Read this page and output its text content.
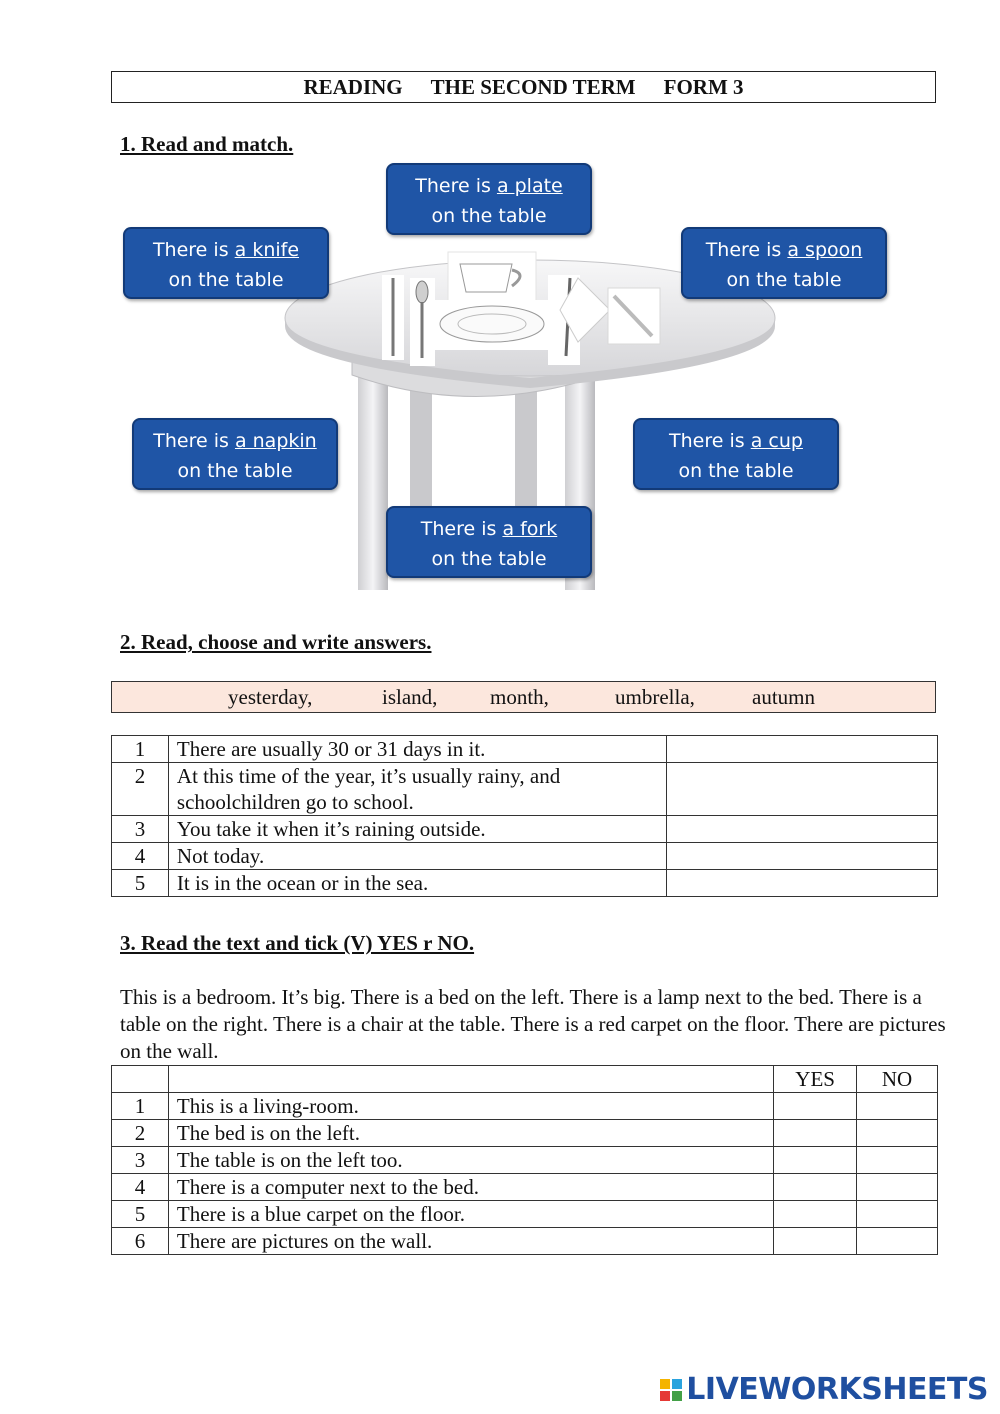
READING THE SECOND TERM FORM 3
1. Read and match.
There is a plate
on the table
There is a knife
on the table
There is a spoon
on the table
There is a napkin
on the table
There is a cup
on the table
There is a fork
on the table
2. Read, choose and write answers.
yesterday,	island,	month,	umbrella,	autumn
1	There are usually 30 or 31 days in it.	
2	At this time of the year, it’s usually rainy, and schoolchildren go to school.	
3	You take it when it’s raining outside.	
4	Not today.	
5	It is in the ocean or in the sea.	
3. Read the text and tick (V) YES r NO.
This is a bedroom. It’s big. There is a bed on the left. There is a lamp next to the bed. There is a table on the right. There is a chair at the table. There is a red carpet on the floor. There are pictures on the wall.
		YES	NO
1	This is a living-room.		
2	The bed is on the left.		
3	The table is on the left too.		
4	There is a computer next to the bed.		
5	There is a blue carpet on the floor.		
6	There are pictures on the wall.		
LIVEWORKSHEETS
